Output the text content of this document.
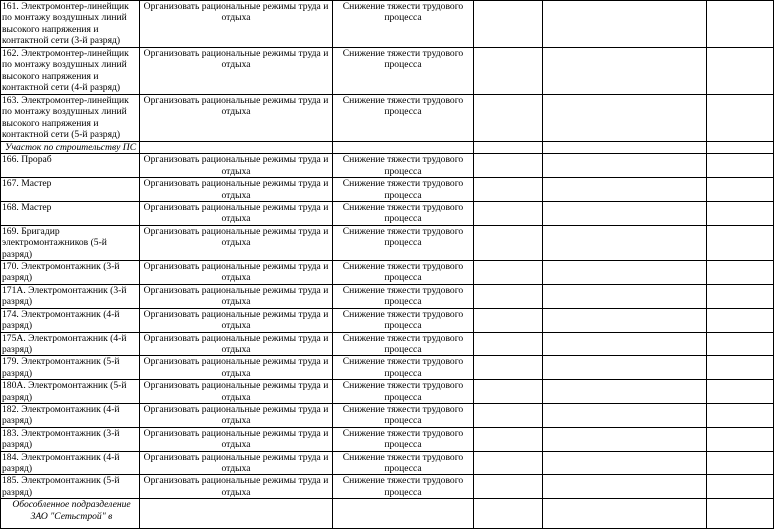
161. Электромонтер-линейщик по монтажу воздушных линий высокого напряжения и контактной сети (3-й разряд)	Организовать рациональные режимы труда и отдыха	Снижение тяжести трудового процесса			
162. Электромонтер-линейщик по монтажу воздушных линий высокого напряжения и контактной сети (4-й разряд)	Организовать рациональные режимы труда и отдыха	Снижение тяжести трудового процесса			
163. Электромонтер-линейщик по монтажу воздушных линий высокого напряжения и контактной сети (5-й разряд)	Организовать рациональные режимы труда и отдыха	Снижение тяжести трудового процесса			
Участок по строительству ПС					
166. Прораб	Организовать рациональные режимы труда и отдыха	Снижение тяжести трудового процесса			
167. Мастер	Организовать рациональные режимы труда и отдыха	Снижение тяжести трудового процесса			
168. Мастер	Организовать рациональные режимы труда и отдыха	Снижение тяжести трудового процесса			
169. Бригадир электромонтажников (5-й разряд)	Организовать рациональные режимы труда и отдыха	Снижение тяжести трудового процесса			
170. Электромонтажник (3-й разряд)	Организовать рациональные режимы труда и отдыха	Снижение тяжести трудового процесса			
171А. Электромонтажник (3-й разряд)	Организовать рациональные режимы труда и отдыха	Снижение тяжести трудового процесса			
174. Электромонтажник (4-й разряд)	Организовать рациональные режимы труда и отдыха	Снижение тяжести трудового процесса			
175А. Электромонтажник (4-й разряд)	Организовать рациональные режимы труда и отдыха	Снижение тяжести трудового процесса			
179. Электромонтажник (5-й разряд)	Организовать рациональные режимы труда и отдыха	Снижение тяжести трудового процесса			
180А. Электромонтажник (5-й разряд)	Организовать рациональные режимы труда и отдыха	Снижение тяжести трудового процесса			
182. Электромонтажник (4-й разряд)	Организовать рациональные режимы труда и отдыха	Снижение тяжести трудового процесса			
183. Электромонтажник (3-й разряд)	Организовать рациональные режимы труда и отдыха	Снижение тяжести трудового процесса			
184. Электромонтажник (4-й разряд)	Организовать рациональные режимы труда и отдыха	Снижение тяжести трудового процесса			
185. Электромонтажник (5-й разряд)	Организовать рациональные режимы труда и отдыха	Снижение тяжести трудового процесса			
Обособленное подразделение ЗАО "Сетьстрой" в					
